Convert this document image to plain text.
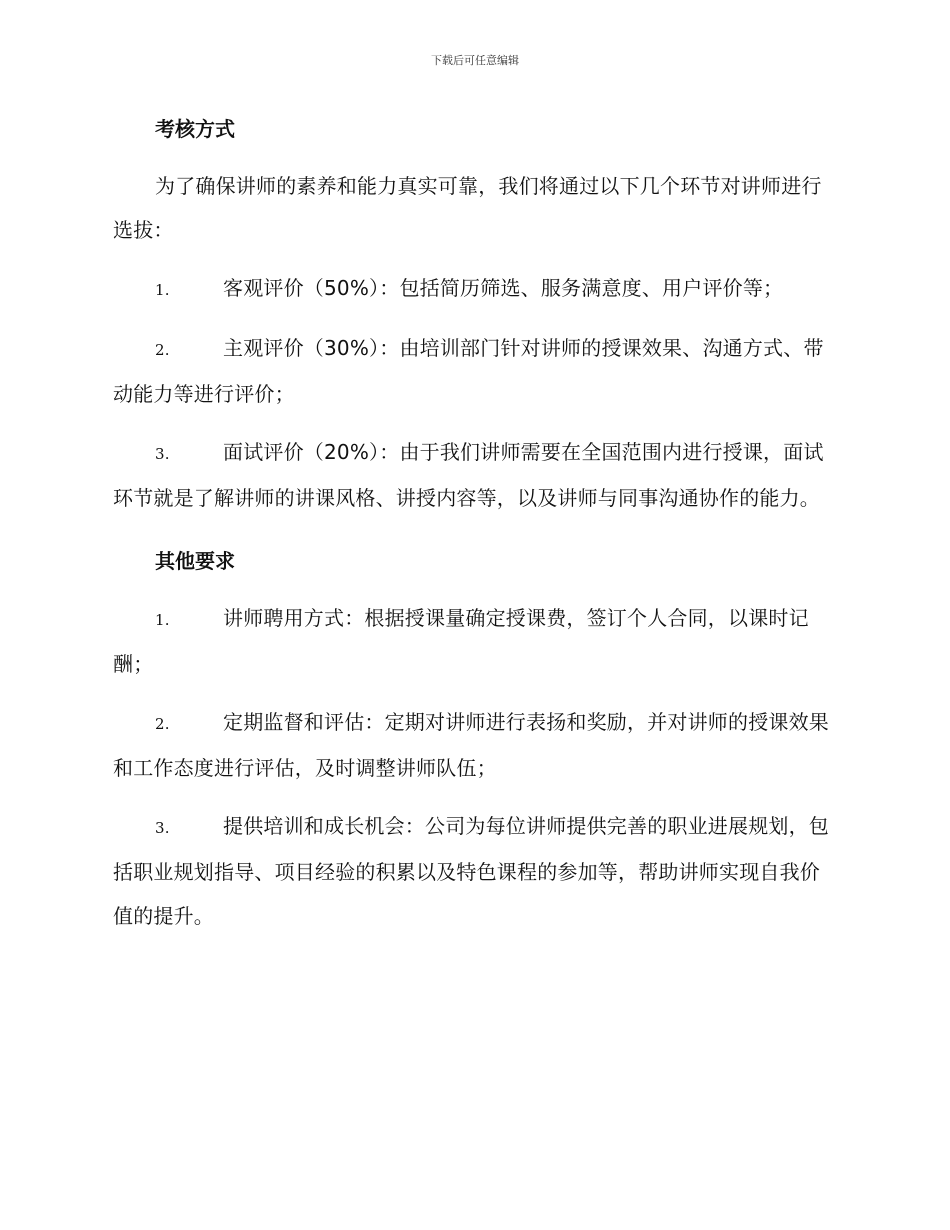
下载后可任意编辑
考核方式

为了确保讲师的素养和能力真实可靠，我们将通过以下几个环节对讲师进行选拔：

1.	客观评价（50%）：包括简历筛选、服务满意度、用户评价等；

2.	主观评价（30%）：由培训部门针对讲师的授课效果、沟通方式、带动能力等进行评价；

3.	面试评价（20%）：由于我们讲师需要在全国范围内进行授课，面试环节就是了解讲师的讲课风格、讲授内容等，以及讲师与同事沟通协作的能力。

其他要求

1.	讲师聘用方式：根据授课量确定授课费，签订个人合同，以课时记酬；

2.	定期监督和评估：定期对讲师进行表扬和奖励，并对讲师的授课效果和工作态度进行评估，及时调整讲师队伍；

3.	提供培训和成长机会：公司为每位讲师提供完善的职业进展规划，包括职业规划指导、项目经验的积累以及特色课程的参加等，帮助讲师实现自我价值的提升。
